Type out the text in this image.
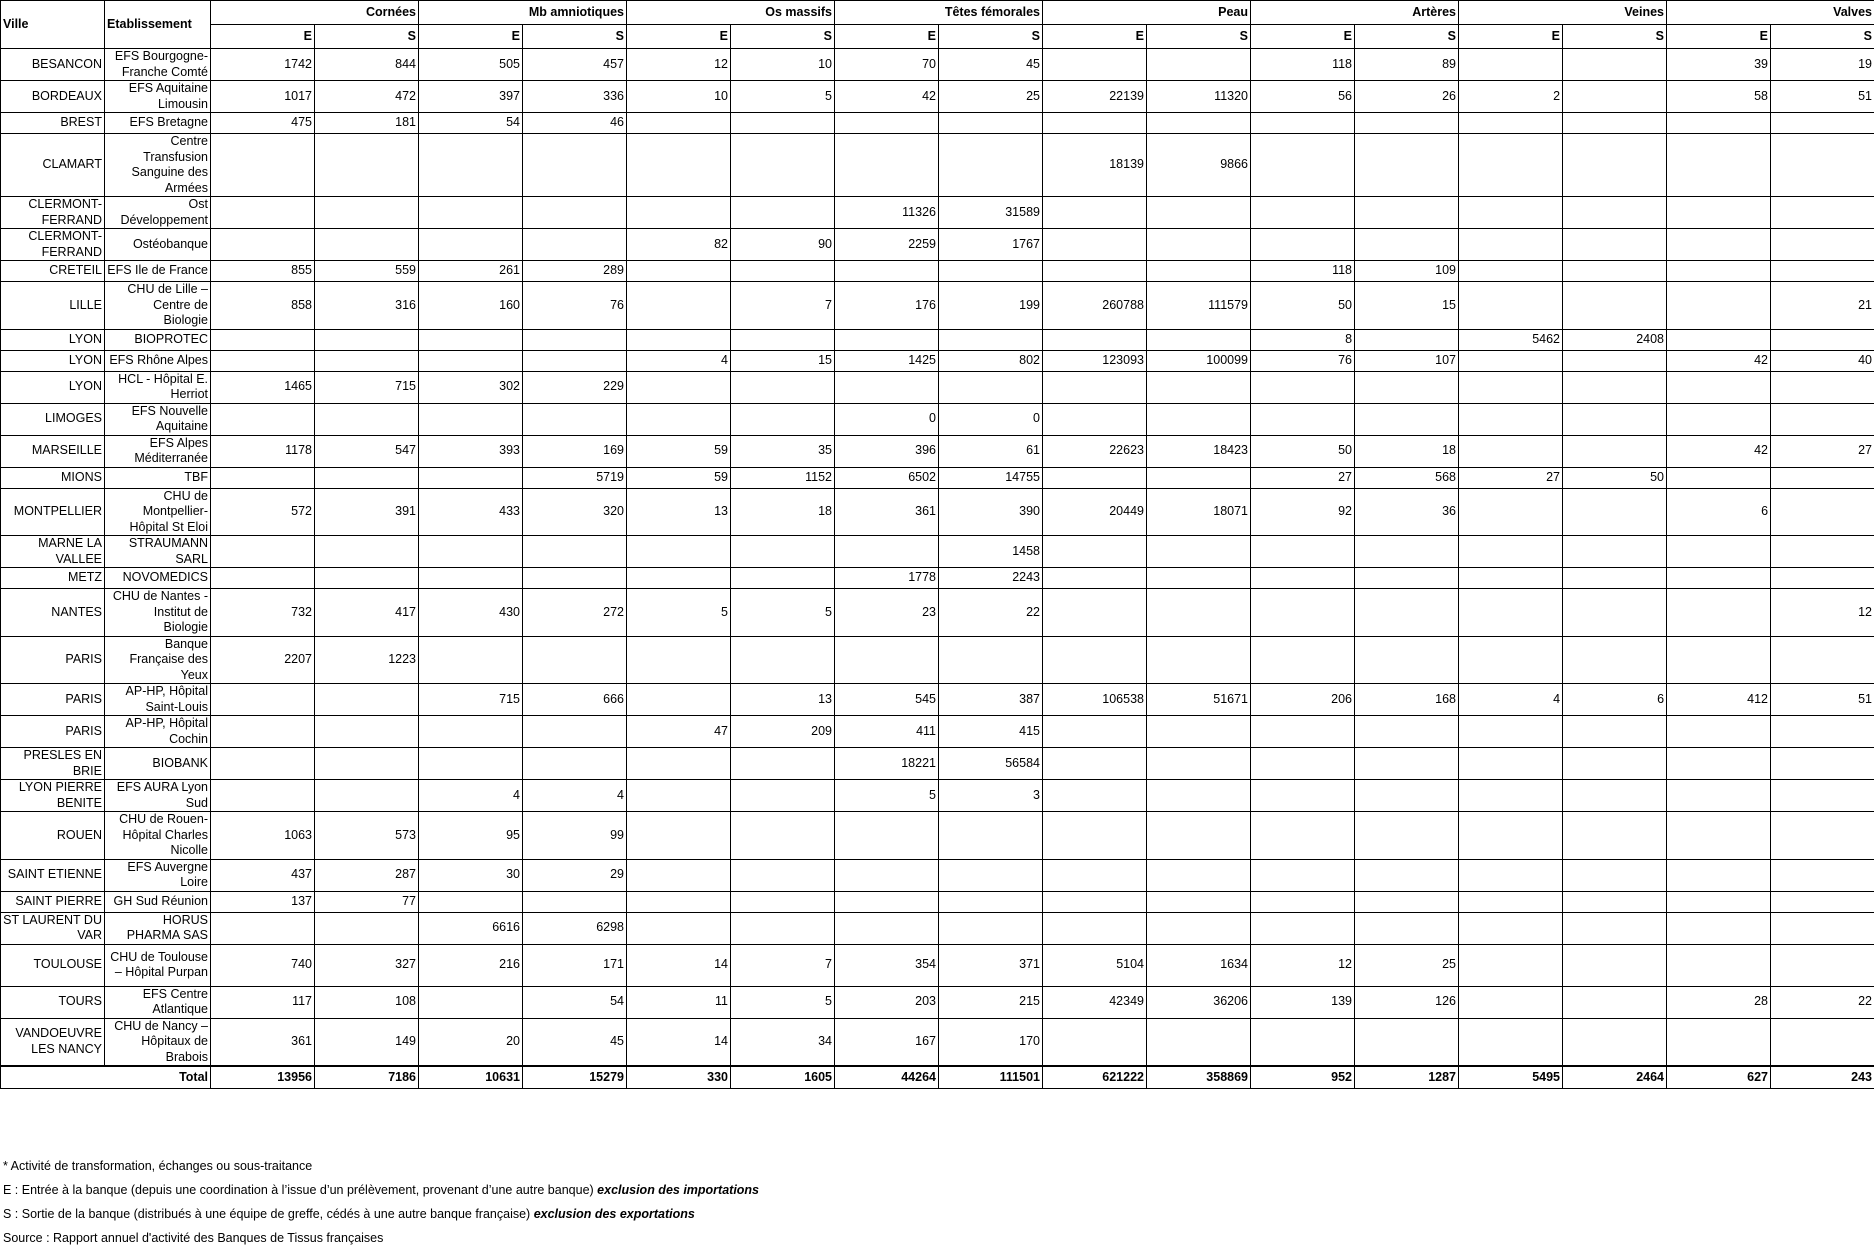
Ville	Etablissement	Cornées		Mb amniotiques		Os massifs		Têtes fémorales		Peau		Artères		Veines		Valves	
		E	S	E	S	E	S	E	S	E	S	E	S	E	S	E	S
BESANCON	EFS Bourgogne-Franche Comté	1742	844	505	457	12	10	70	45			118	89			39	19
BORDEAUX	EFS Aquitaine Limousin	1017	472	397	336	10	5	42	25	22139	11320	56	26	2		58	51
BREST	EFS Bretagne	475	181	54	46												
CLAMART	Centre Transfusion Sanguine des Armées									18139	9866						
CLERMONT-FERRAND	Ost Développement							11326	31589								
CLERMONT-FERRAND	Ostéobanque					82	90	2259	1767								
CRETEIL	EFS Ile de France	855	559	261	289							118	109				
LILLE	CHU de Lille – Centre de Biologie	858	316	160	76		7	176	199	260788	111579	50	15				21
LYON	BIOPROTEC											8		5462	2408		
LYON	EFS Rhône Alpes					4	15	1425	802	123093	100099	76	107			42	40
LYON	HCL - Hôpital E. Herriot	1465	715	302	229												
LIMOGES	EFS Nouvelle Aquitaine							0	0								
MARSEILLE	EFS Alpes Méditerranée	1178	547	393	169	59	35	396	61	22623	18423	50	18			42	27
MIONS	TBF				5719	59	1152	6502	14755			27	568	27	50		
MONTPELLIER	CHU de Montpellier-Hôpital St Eloi	572	391	433	320	13	18	361	390	20449	18071	92	36			6	
MARNE LA VALLEE	STRAUMANN SARL								1458								
METZ	NOVOMEDICS							1778	2243								
NANTES	CHU de Nantes - Institut de Biologie	732	417	430	272	5	5	23	22								12
PARIS	Banque Française des Yeux	2207	1223														
PARIS	AP-HP, Hôpital Saint-Louis			715	666		13	545	387	106538	51671	206	168	4	6	412	51
PARIS	AP-HP, Hôpital Cochin					47	209	411	415								
PRESLES EN BRIE	BIOBANK							18221	56584								
LYON PIERRE BENITE	EFS AURA Lyon Sud			4	4			5	3								
ROUEN	CHU de Rouen-Hôpital Charles Nicolle	1063	573	95	99												
SAINT ETIENNE	EFS Auvergne Loire	437	287	30	29												
SAINT PIERRE	GH Sud Réunion	137	77														
ST LAURENT DU VAR	HORUS PHARMA SAS			6616	6298												
TOULOUSE	CHU de Toulouse – Hôpital Purpan	740	327	216	171	14	7	354	371	5104	1634	12	25				
TOURS	EFS Centre Atlantique	117	108		54	11	5	203	215	42349	36206	139	126			28	22
VANDOEUVRE LES NANCY	CHU de Nancy – Hôpitaux de Brabois	361	149	20	45	14	34	167	170								
Total		13956	7186	10631	15279	330	1605	44264	111501	621222	358869	952	1287	5495	2464	627	243
* Activité de transformation, échanges ou sous-traitance
E : Entrée à la banque (depuis une coordination à l’issue d’un prélèvement, provenant d’une autre banque) exclusion des importations
S : Sortie de la banque (distribués à une équipe de greffe, cédés à une autre banque française) exclusion des exportations
Source : Rapport annuel d'activité des Banques de Tissus françaises
